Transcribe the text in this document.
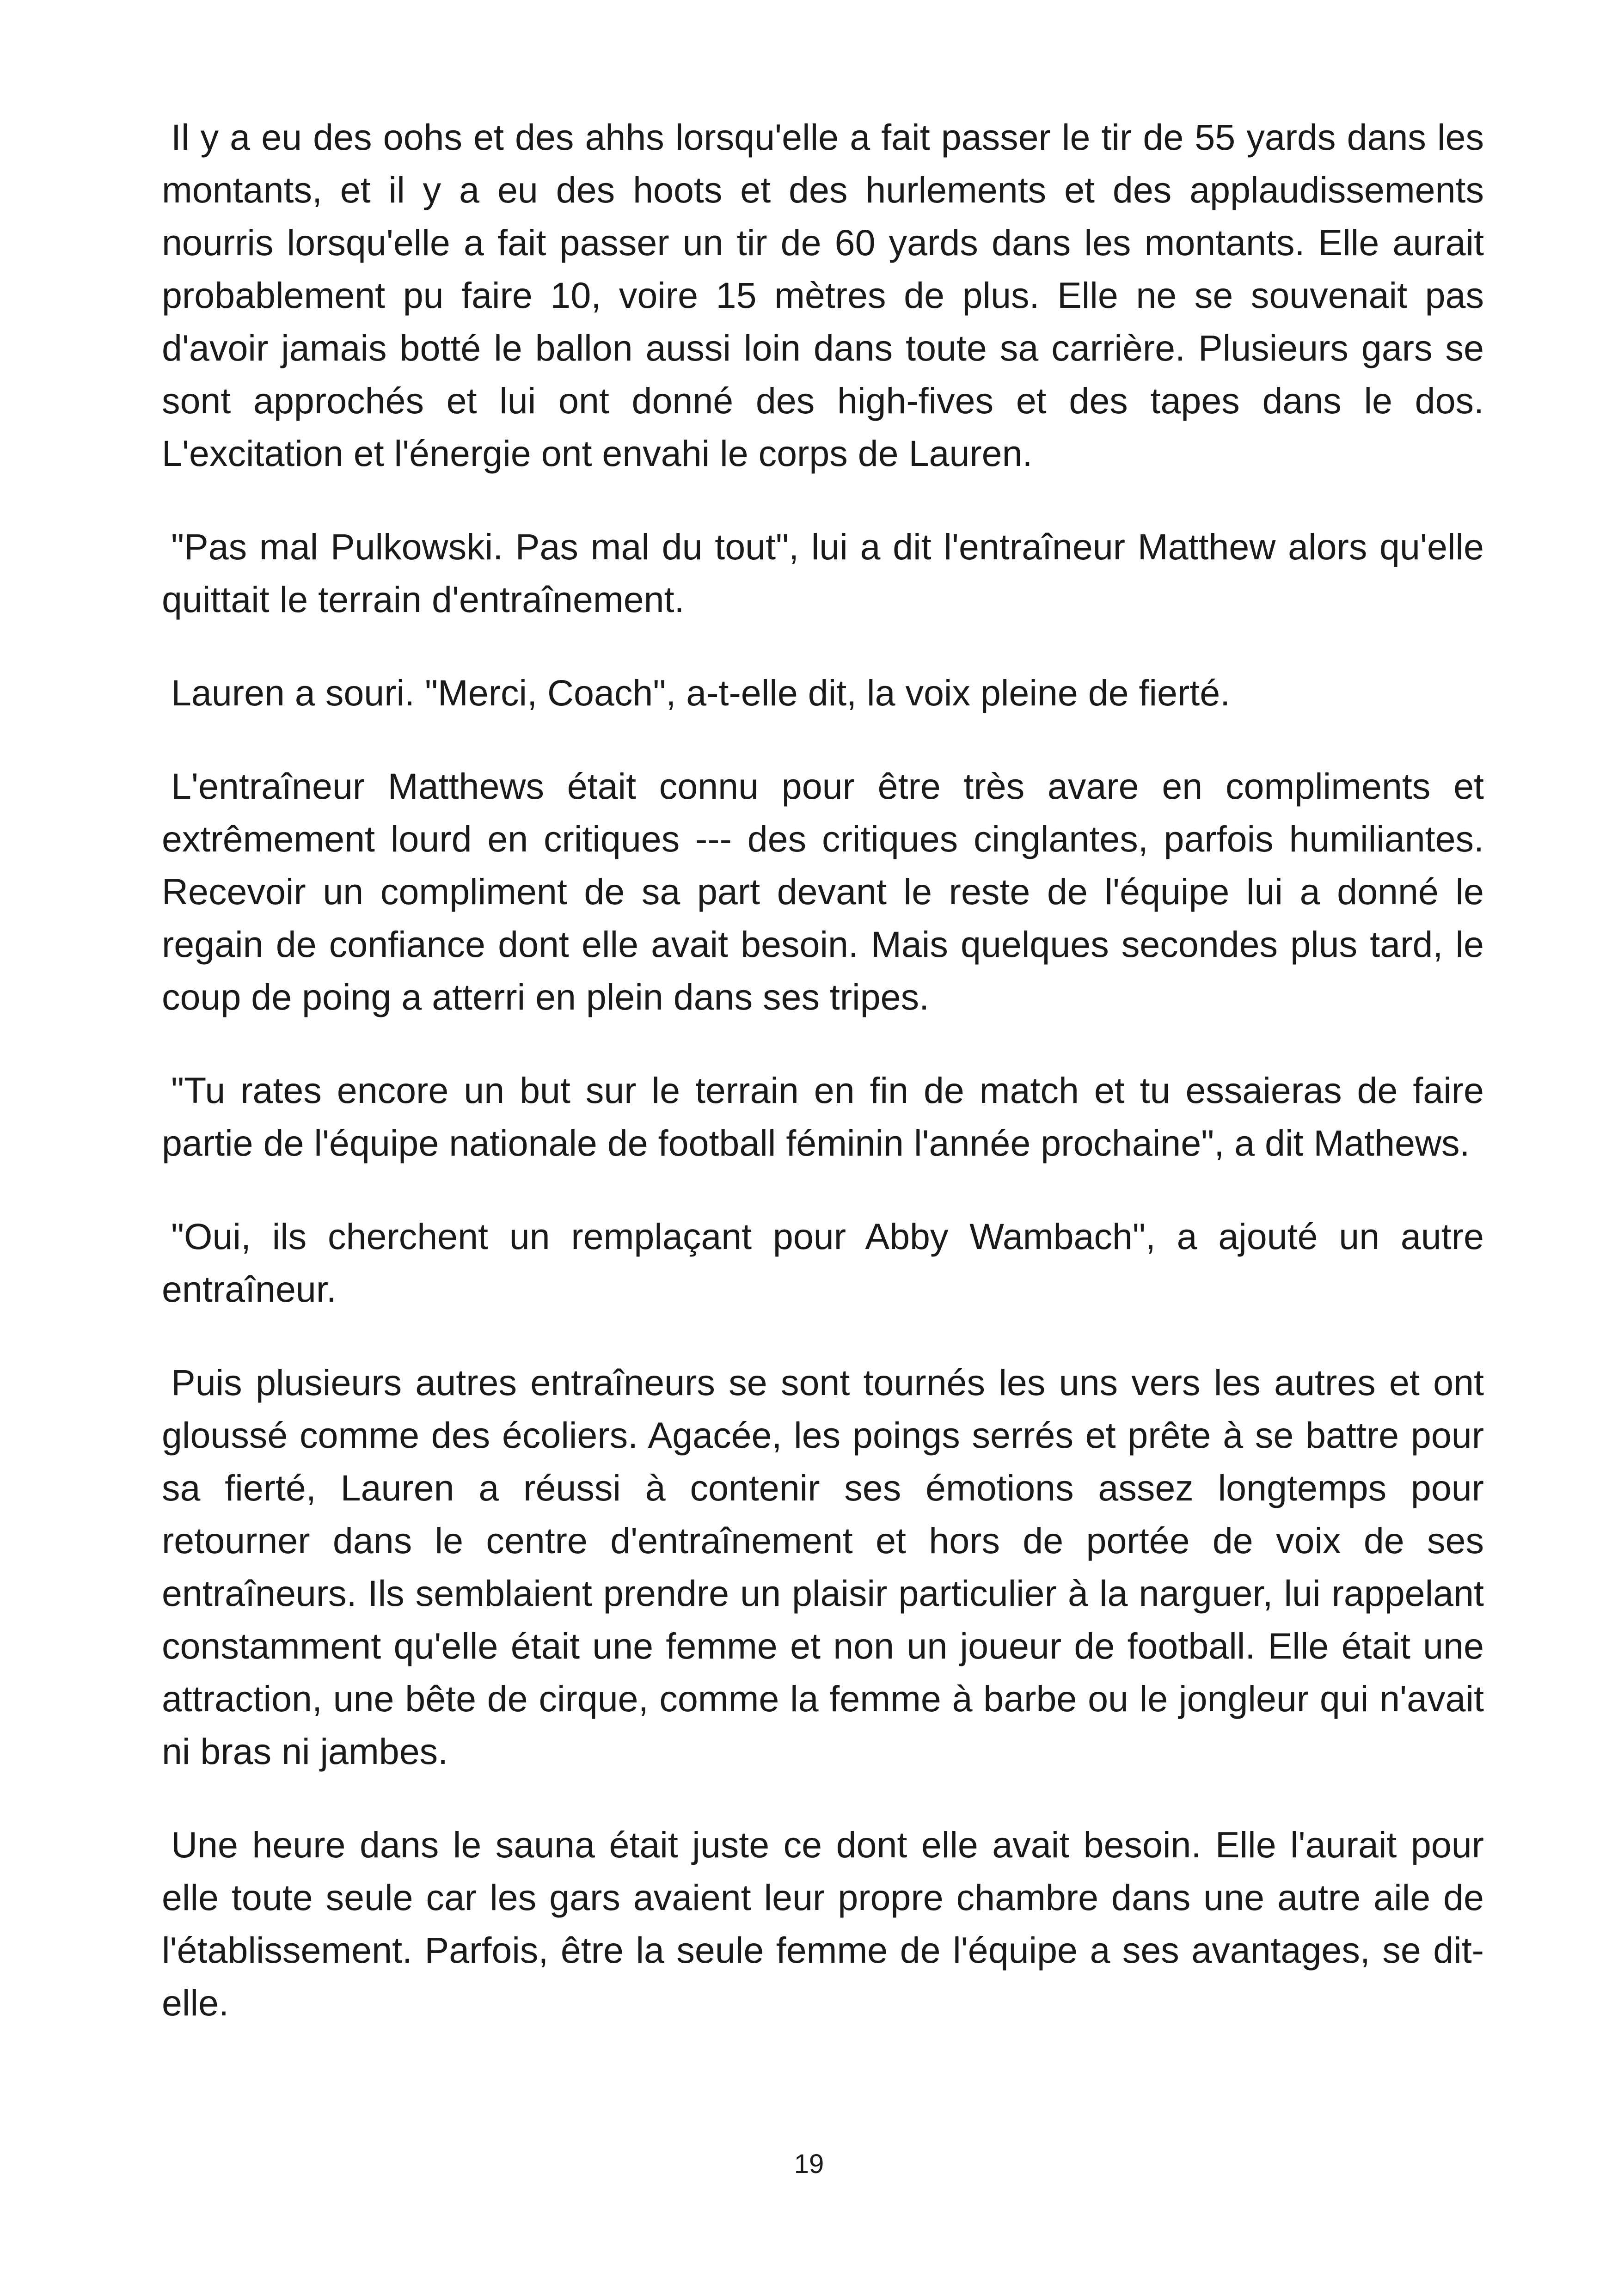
Il y a eu des oohs et des ahhs lorsqu'elle a fait passer le tir de 55 yards dans les montants, et il y a eu des hoots et des hurlements et des applaudissements nourris lorsqu'elle a fait passer un tir de 60 yards dans les montants. Elle aurait probablement pu faire 10, voire 15 mètres de plus. Elle ne se souvenait pas d'avoir jamais botté le ballon aussi loin dans toute sa carrière. Plusieurs gars se sont approchés et lui ont donné des high-fives et des tapes dans le dos. L'excitation et l'énergie ont envahi le corps de Lauren.

"Pas mal Pulkowski. Pas mal du tout", lui a dit l'entraîneur Matthew alors qu'elle quittait le terrain d'entraînement.

Lauren a souri. "Merci, Coach", a-t-elle dit, la voix pleine de fierté.

L'entraîneur Matthews était connu pour être très avare en compliments et extrêmement lourd en critiques --- des critiques cinglantes, parfois humiliantes. Recevoir un compliment de sa part devant le reste de l'équipe lui a donné le regain de confiance dont elle avait besoin. Mais quelques secondes plus tard, le coup de poing a atterri en plein dans ses tripes.

"Tu rates encore un but sur le terrain en fin de match et tu essaieras de faire partie de l'équipe nationale de football féminin l'année prochaine", a dit Mathews.

"Oui, ils cherchent un remplaçant pour Abby Wambach", a ajouté un autre entraîneur.

Puis plusieurs autres entraîneurs se sont tournés les uns vers les autres et ont gloussé comme des écoliers. Agacée, les poings serrés et prête à se battre pour sa fierté, Lauren a réussi à contenir ses émotions assez longtemps pour retourner dans le centre d'entraînement et hors de portée de voix de ses entraîneurs. Ils semblaient prendre un plaisir particulier à la narguer, lui rappelant constamment qu'elle était une femme et non un joueur de football. Elle était une attraction, une bête de cirque, comme la femme à barbe ou le jongleur qui n'avait ni bras ni jambes.

Une heure dans le sauna était juste ce dont elle avait besoin. Elle l'aurait pour elle toute seule car les gars avaient leur propre chambre dans une autre aile de l'établissement. Parfois, être la seule femme de l'équipe a ses avantages, se dit-elle.

19
